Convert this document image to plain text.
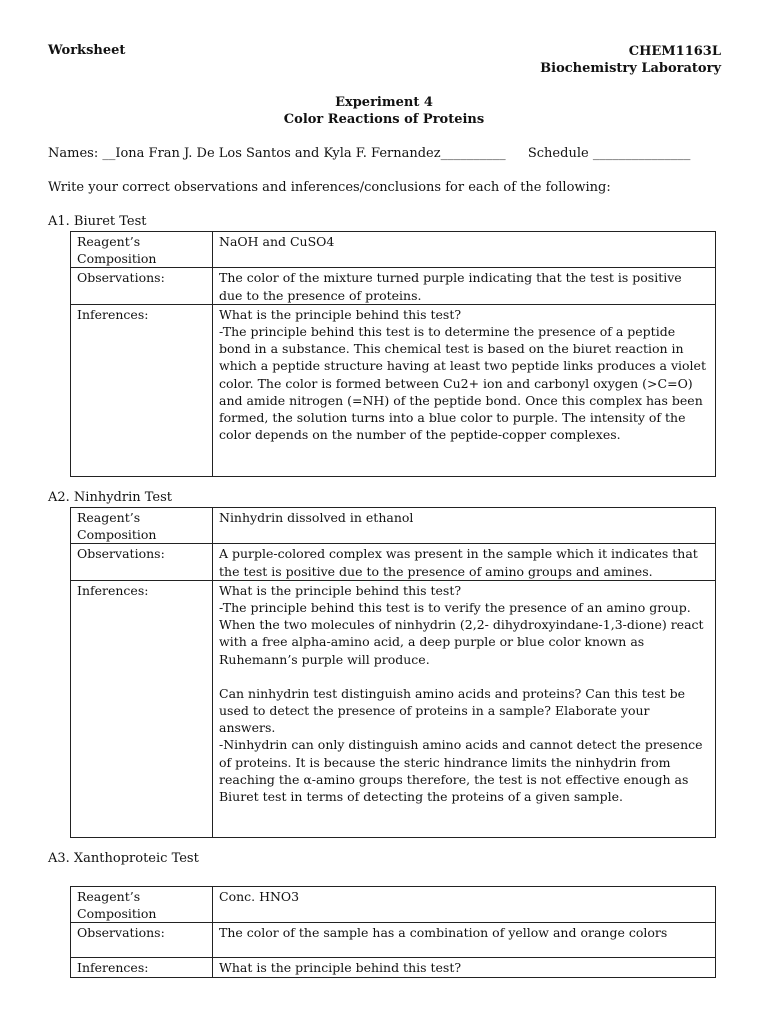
Worksheet	CHEM1163L
Biochemistry Laboratory
Experiment 4
Color Reactions of Proteins
Names: __Iona Fran J. De Los Santos and Kyla F. Fernandez__________ Schedule _______________
Write your correct observations and inferences/conclusions for each of the following:
A1. Biuret Test
Reagent’s Composition	NaOH and CuSO4
Observations:	The color of the mixture turned purple indicating that the test is positive due to the presence of proteins.
Inferences:	What is the principle behind this test?
-The principle behind this test is to determine the presence of a peptide bond in a substance. This chemical test is based on the biuret reaction in which a peptide structure having at least two peptide links produces a violet color. The color is formed between Cu2+ ion and carbonyl oxygen (>C=O) and amide nitrogen (=NH) of the peptide bond. Once this complex has been formed, the solution turns into a blue color to purple. The intensity of the color depends on the number of the peptide-copper complexes.
A2. Ninhydrin Test
Reagent’s Composition	Ninhydrin dissolved in ethanol
Observations:	A purple-colored complex was present in the sample which it indicates that the test is positive due to the presence of amino groups and amines.
Inferences:	What is the principle behind this test?
-The principle behind this test is to verify the presence of an amino group. When the two molecules of ninhydrin (2,2- dihydroxyindane-1,3-dione) react with a free alpha-amino acid, a deep purple or blue color known as Ruhemann’s purple will produce.
Can ninhydrin test distinguish amino acids and proteins? Can this test be used to detect the presence of proteins in a sample? Elaborate your answers.
-Ninhydrin can only distinguish amino acids and cannot detect the presence of proteins. It is because the steric hindrance limits the ninhydrin from reaching the α-amino groups therefore, the test is not effective enough as Biuret test in terms of detecting the proteins of a given sample.
A3. Xanthoproteic Test
Reagent’s Composition	Conc. HNO3
Observations:	The color of the sample has a combination of yellow and orange colors
Inferences:	What is the principle behind this test?
